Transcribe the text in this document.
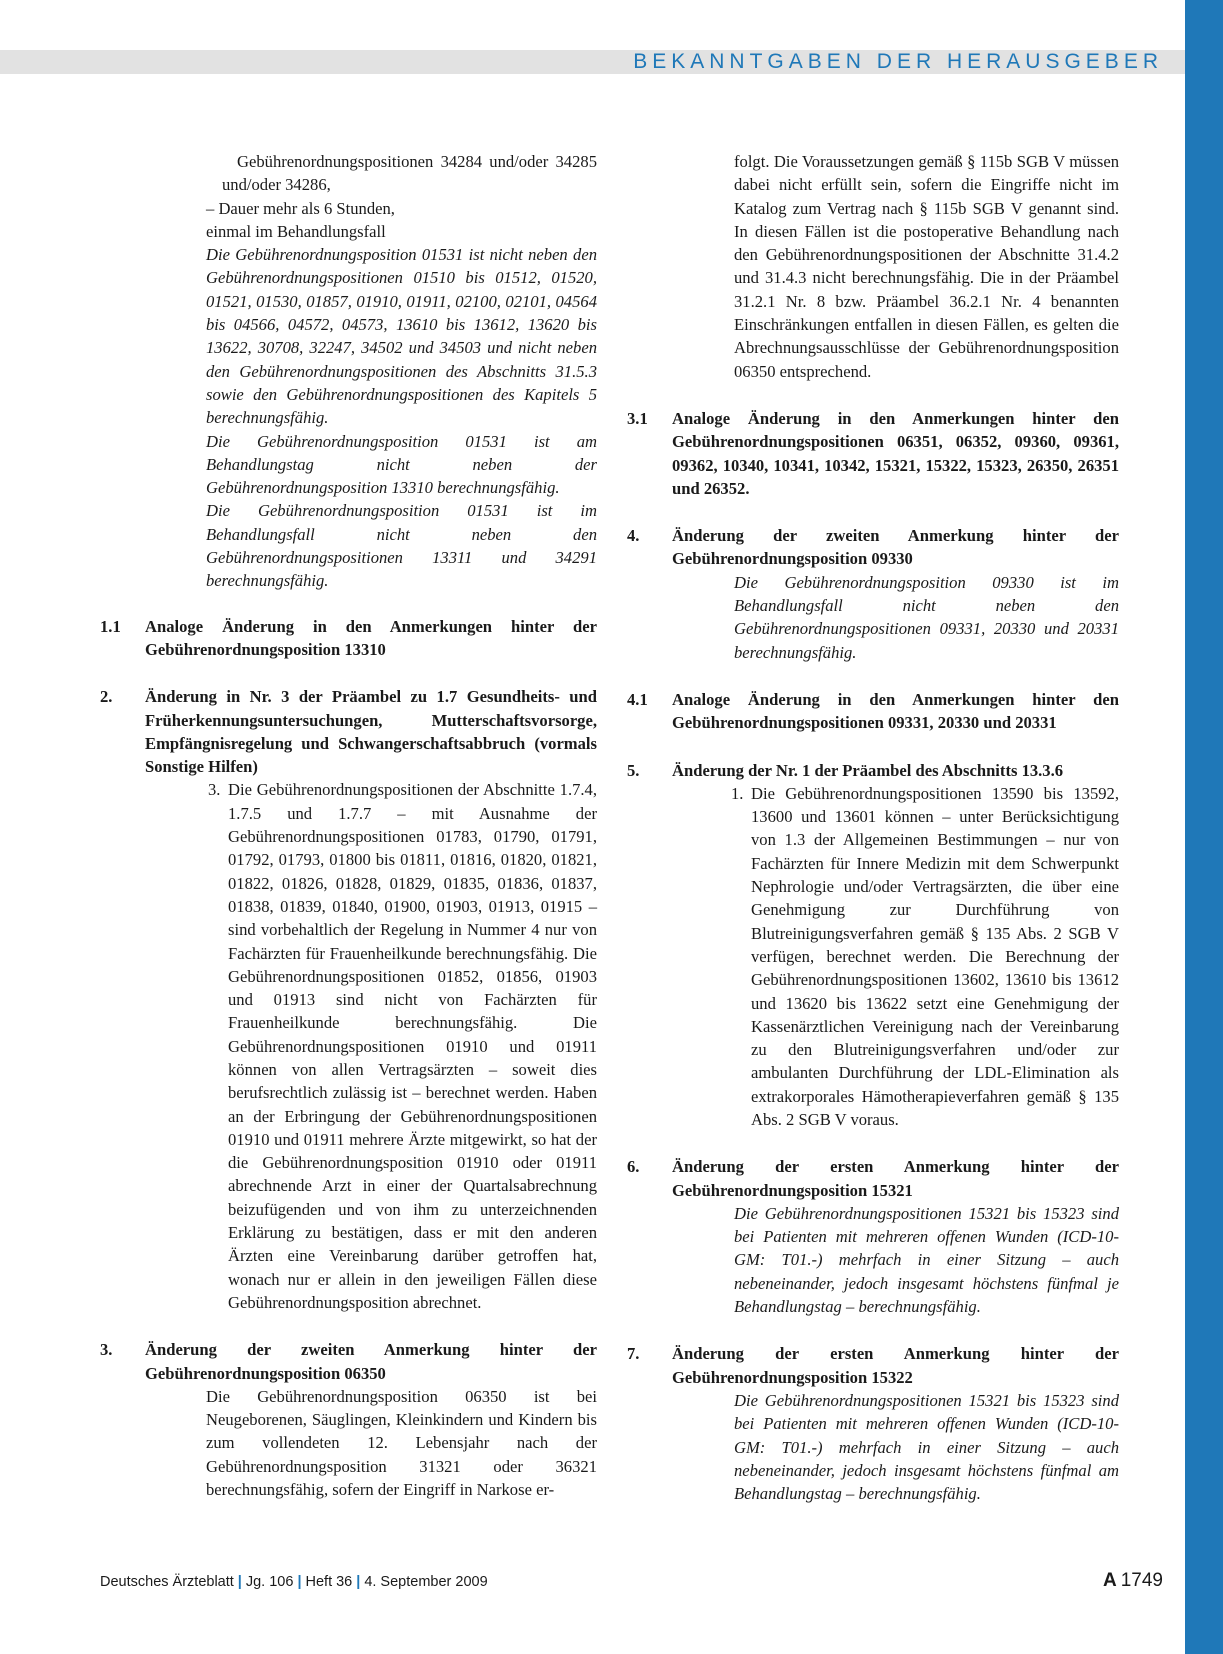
BEKANNTGABEN DER HERAUSGEBER

Gebührenordnungspositionen 34284 und/oder 34285 und/oder 34286,

– Dauer mehr als 6 Stunden,

einmal im Behandlungsfall

Die Gebührenordnungsposition 01531 ist nicht neben den Gebührenordnungspositionen 01510 bis 01512, 01520, 01521, 01530, 01857, 01910, 01911, 02100, 02101, 04564 bis 04566, 04572, 04573, 13610 bis 13612, 13620 bis 13622, 30708, 32247, 34502 und 34503 und nicht neben den Gebührenordnungspositionen des Abschnitts 31.5.3 sowie den Gebührenordnungspositionen des Kapitels 5 berechnungsfähig.

Die Gebührenordnungsposition 01531 ist am Behandlungstag nicht neben der Gebührenordnungsposition 13310 berechnungsfähig.

Die Gebührenordnungsposition 01531 ist im Behandlungsfall nicht neben den Gebührenordnungspositionen 13311 und 34291 berechnungsfähig.

1.1 Analoge Änderung in den Anmerkungen hinter der Gebührenordnungsposition 13310
2. Änderung in Nr. 3 der Präambel zu 1.7 Gesundheits- und Früherkennungsuntersuchungen, Mutterschaftsvorsorge, Empfängnisregelung und Schwangerschaftsabbruch (vormals Sonstige Hilfen)
3. Die Gebührenordnungspositionen der Abschnitte 1.7.4, 1.7.5 und 1.7.7 – mit Ausnahme der Gebührenordnungspositionen 01783, 01790, 01791, 01792, 01793, 01800 bis 01811, 01816, 01820, 01821, 01822, 01826, 01828, 01829, 01835, 01836, 01837, 01838, 01839, 01840, 01900, 01903, 01913, 01915 – sind vorbehaltlich der Regelung in Nummer 4 nur von Fachärzten für Frauenheilkunde berechnungsfähig. Die Gebührenordnungspositionen 01852, 01856, 01903 und 01913 sind nicht von Fachärzten für Frauenheilkunde berechnungsfähig. Die Gebührenordnungspositionen 01910 und 01911 können von allen Vertragsärzten – soweit dies berufsrechtlich zulässig ist – berechnet werden. Haben an der Erbringung der Gebührenordnungspositionen 01910 und 01911 mehrere Ärzte mitgewirkt, so hat der die Gebührenordnungsposition 01910 oder 01911 abrechnende Arzt in einer der Quartalsabrechnung beizufügenden und von ihm zu unterzeichnenden Erklärung zu bestätigen, dass er mit den anderen Ärzten eine Vereinbarung darüber getroffen hat, wonach nur er allein in den jeweiligen Fällen diese Gebührenordnungsposition abrechnet.
3. Änderung der zweiten Anmerkung hinter der Gebührenordnungsposition 06350

Die Gebührenordnungsposition 06350 ist bei Neugeborenen, Säuglingen, Kleinkindern und Kindern bis zum vollendeten 12. Lebensjahr nach der Gebührenordnungsposition 31321 oder 36321 berechnungsfähig, sofern der Eingriff in Narkose er-

folgt. Die Voraussetzungen gemäß § 115b SGB V müssen dabei nicht erfüllt sein, sofern die Eingriffe nicht im Katalog zum Vertrag nach § 115b SGB V genannt sind. In diesen Fällen ist die postoperative Behandlung nach den Gebührenordnungspositionen der Abschnitte 31.4.2 und 31.4.3 nicht berechnungsfähig. Die in der Präambel 31.2.1 Nr. 8 bzw. Präambel 36.2.1 Nr. 4 benannten Einschränkungen entfallen in diesen Fällen, es gelten die Abrechnungsausschlüsse der Gebührenordnungsposition 06350 entsprechend.

3.1 Analoge Änderung in den Anmerkungen hinter den Gebührenordnungspositionen 06351, 06352, 09360, 09361, 09362, 10340, 10341, 10342, 15321, 15322, 15323, 26350, 26351 und 26352.
4. Änderung der zweiten Anmerkung hinter der Gebührenordnungsposition 09330

Die Gebührenordnungsposition 09330 ist im Behandlungsfall nicht neben den Gebührenordnungspositionen 09331, 20330 und 20331 berechnungsfähig.

4.1 Analoge Änderung in den Anmerkungen hinter den Gebührenordnungspositionen 09331, 20330 und 20331
5. Änderung der Nr. 1 der Präambel des Abschnitts 13.3.6
1. Die Gebührenordnungspositionen 13590 bis 13592, 13600 und 13601 können – unter Berücksichtigung von 1.3 der Allgemeinen Bestimmungen – nur von Fachärzten für Innere Medizin mit dem Schwerpunkt Nephrologie und/oder Vertragsärzten, die über eine Genehmigung zur Durchführung von Blutreinigungsverfahren gemäß § 135 Abs. 2 SGB V verfügen, berechnet werden. Die Berechnung der Gebührenordnungspositionen 13602, 13610 bis 13612 und 13620 bis 13622 setzt eine Genehmigung der Kassenärztlichen Vereinigung nach der Vereinbarung zu den Blutreinigungsverfahren und/oder zur ambulanten Durchführung der LDL-Elimination als extrakorporales Hämotherapieverfahren gemäß § 135 Abs. 2 SGB V voraus.
6. Änderung der ersten Anmerkung hinter der Gebührenordnungsposition 15321

Die Gebührenordnungspositionen 15321 bis 15323 sind bei Patienten mit mehreren offenen Wunden (ICD-10-GM: T01.-) mehrfach in einer Sitzung – auch nebeneinander, jedoch insgesamt höchstens fünfmal je Behandlungstag – berechnungsfähig.

7. Änderung der ersten Anmerkung hinter der Gebührenordnungsposition 15322

Die Gebührenordnungspositionen 15321 bis 15323 sind bei Patienten mit mehreren offenen Wunden (ICD-10-GM: T01.-) mehrfach in einer Sitzung – auch nebeneinander, jedoch insgesamt höchstens fünfmal am Behandlungstag – berechnungsfähig.

Deutsches Ärzteblatt | Jg. 106 | Heft 36 | 4. September 2009	A 1749
